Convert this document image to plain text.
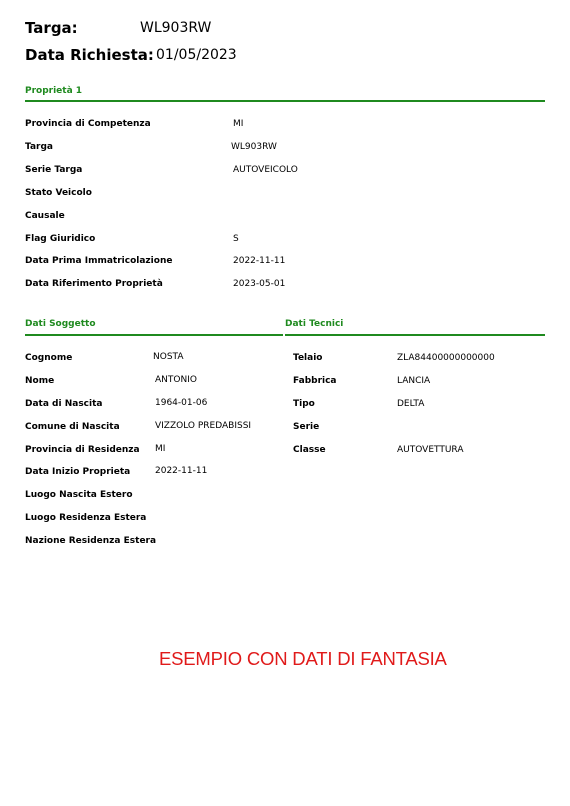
Targa:	WL903RW
Data Richiesta: 01/05/2023
Proprietà 1
Provincia di Competenza	MI
Targa	WL903RW
Serie Targa	AUTOVEICOLO
Stato Veicolo
Causale
Flag Giuridico	S
Data Prima Immatricolazione	2022-11-11
Data Riferimento Proprietà	2023-05-01
Dati Soggetto
Cognome	NOSTA
Nome	ANTONIO
Data di Nascita	1964-01-06
Comune di Nascita	VIZZOLO PREDABISSI
Provincia di Residenza MI
Data Inizio Proprieta	2022-11-11
Luogo Nascita Estero
Luogo Residenza Estera
Nazione Residenza Estera
Dati Tecnici
Telaio	ZLA84400000000000
Fabbrica	LANCIA
Tipo	DELTA
Serie
Classe	AUTOVETTURA
ESEMPIO CON DATI DI FANTASIA
